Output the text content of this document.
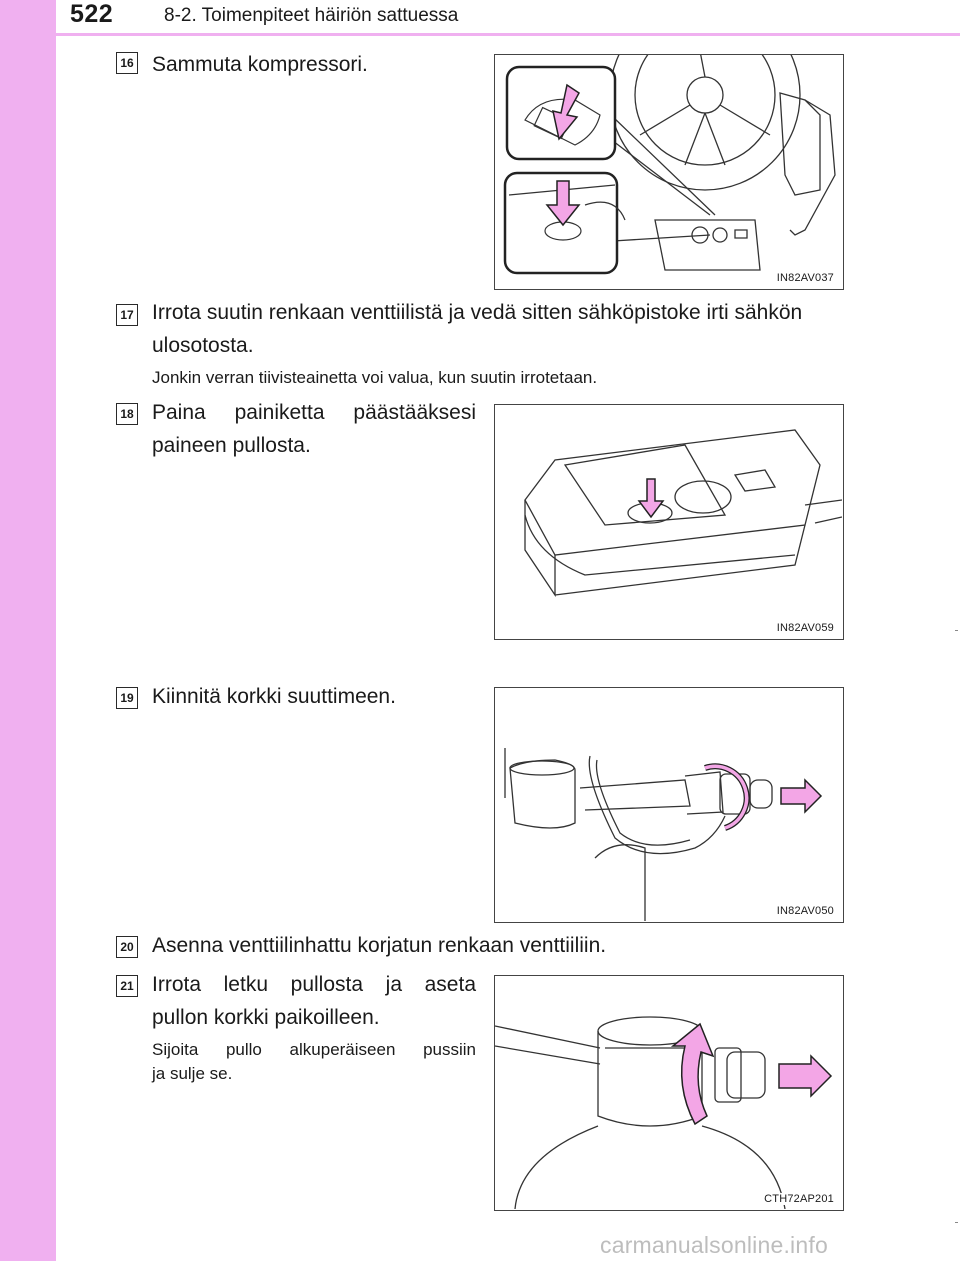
522	8-2. Toimenpiteet häiriön sattuessa
16 Sammuta kompressori.
IN82AV037
17 Irrota suutin renkaan venttiilistä ja vedä sitten sähköpistoke irti sähkön
ulosotosta.
Jonkin verran tiivisteainetta voi valua, kun suutin irrotetaan.
18 Paina painiketta päästääksesi
paineen pullosta.
IN82AV059
19 Kiinnitä korkki suuttimeen.
IN82AV050
20 Asenna venttiilinhattu korjatun renkaan venttiiliin.
21 Irrota letku pullosta ja aseta
pullon korkki paikoilleen.
Sijoita pullo alkuperäiseen pussiin
ja sulje se.
CTH72AP201
carmanualsonline.info
